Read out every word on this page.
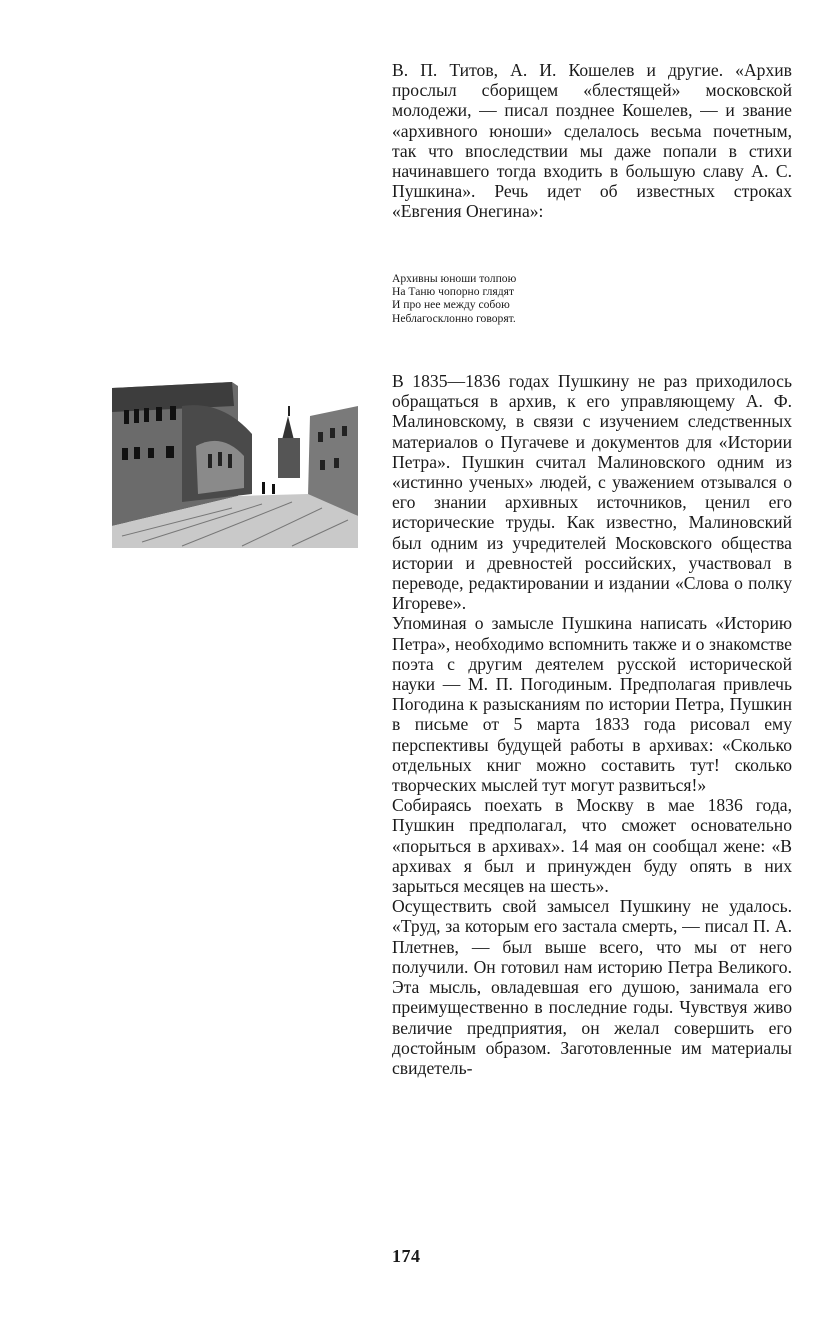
В. П. Титов, А. И. Кошелев и другие. «Архив прослыл сборищем «блестящей» московской молодежи, — писал позднее Кошелев, — и звание «архивного юноши» сделалось весьма почетным, так что впоследствии мы даже попали в стихи начинавшего тогда входить в большую славу А. С. Пушкина». Речь идет об известных строках «Евгения Онегина»:

Архивны юноши толпою
На Таню чопорно глядят
И про нее между собою
Неблагосклонно говорят.

В 1835—1836 годах Пушкину не раз приходилось обращаться в архив, к его управляющему А. Ф. Малиновскому, в связи с изучением следственных материалов о Пугачеве и документов для «Истории Петра». Пушкин считал Малиновского одним из «истинно ученых» людей, с уважением отзывался о его знании архивных источников, ценил его исторические труды. Как известно, Малиновский был одним из учредителей Московского общества истории и древностей российских, участвовал в переводе, редактировании и издании «Слова о полку Игореве».

Упоминая о замысле Пушкина написать «Историю Петра», необходимо вспомнить также и о знакомстве поэта с другим деятелем русской исторической науки — М. П. Погодиным. Предполагая привлечь Погодина к разысканиям по истории Петра, Пушкин в письме от 5 марта 1833 года рисовал ему перспективы будущей работы в архивах: «Сколько отдельных книг можно составить тут! сколько творческих мыслей тут могут развиться!»

Собираясь поехать в Москву в мае 1836 года, Пушкин предполагал, что сможет основательно «порыться в архивах». 14 мая он сообщал жене: «В архивах я был и принужден буду опять в них зарыться месяцев на шесть».

Осуществить свой замысел Пушкину не удалось. «Труд, за которым его застала смерть, — писал П. А. Плетнев, — был выше всего, что мы от него получили. Он готовил нам историю Петра Великого. Эта мысль, овладевшая его душою, занимала его преимущественно в последние годы. Чувствуя живо величие предприятия, он желал совершить его достойным образом. Заготовленные им материалы свидетель-

174
